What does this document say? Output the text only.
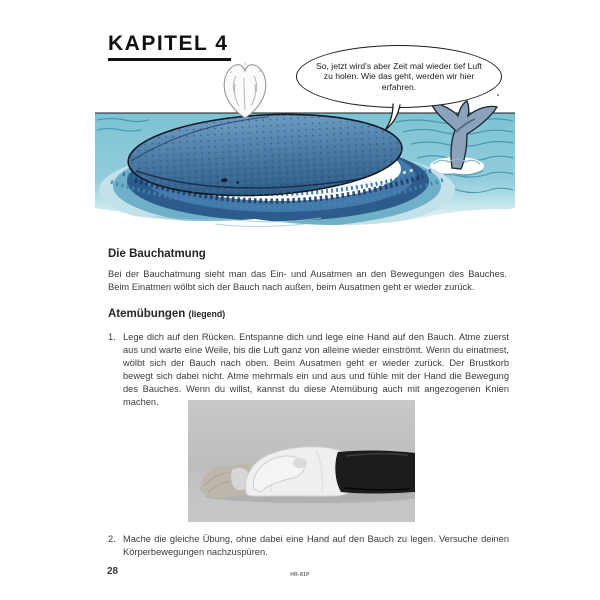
KAPITEL 4
So, jetzt wird's aber Zeit mal wieder tief Luft zu holen. Wie das geht, werden wir hier erfahren.
Die Bauchatmung
Bei der Bauchatmung sieht man das Ein- und Ausatmen an den Bewegungen des Bauches. Beim Einatmen wölbt sich der Bauch nach außen, beim Ausatmen geht er wieder zurück.
Atemübungen (liegend)
1. Lege dich auf den Rücken. Entspanne dich und lege eine Hand auf den Bauch. Atme zuerst aus und warte eine Weile, bis die Luft ganz von alleine wieder einströmt. Wenn du einatmest, wölbt sich der Bauch nach oben. Beim Ausatmen geht er wieder zurück. Der Brustkorb bewegt sich dabei nicht. Atme mehrmals ein und aus und fühle mit der Hand die Bewegung des Bauches. Wenn du willst, kannst du diese Atemübung auch mit angezogenen Knien machen.
2. Mache die gleiche Übung, ohne dabei eine Hand auf den Bauch zu legen. Versuche deinen Körperbewegungen nachzuspüren.
28	HR-81P
